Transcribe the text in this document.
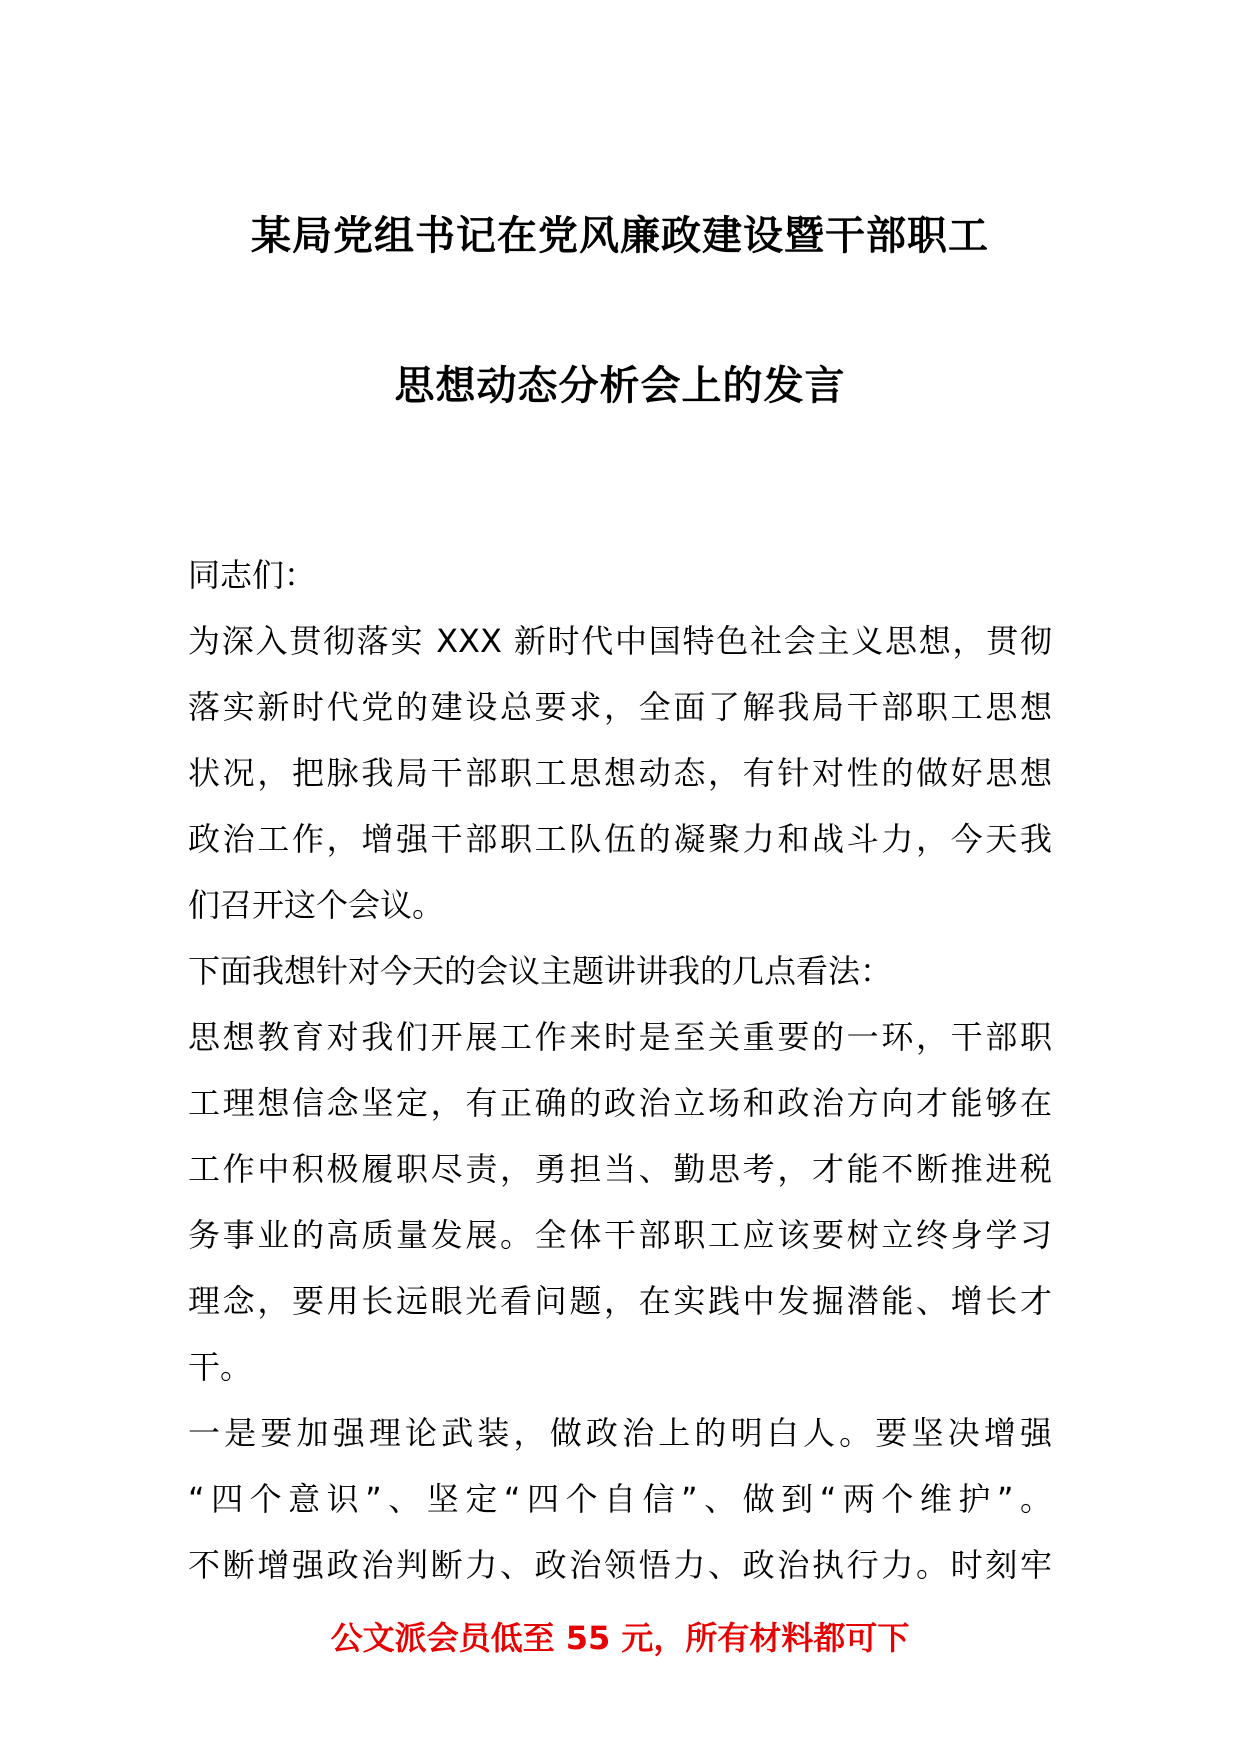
某局党组书记在党风廉政建设暨干部职工
思想动态分析会上的发言
同志们：
为深入贯彻落实 XXX 新时代中国特色社会主义思想，贯彻
落实新时代党的建设总要求，全面了解我局干部职工思想
状况，把脉我局干部职工思想动态，有针对性的做好思想
政治工作，增强干部职工队伍的凝聚力和战斗力，今天我
们召开这个会议。
下面我想针对今天的会议主题讲讲我的几点看法：
思想教育对我们开展工作来时是至关重要的一环，干部职
工理想信念坚定，有正确的政治立场和政治方向才能够在
工作中积极履职尽责，勇担当、勤思考，才能不断推进税
务事业的高质量发展。全体干部职工应该要树立终身学习
理念，要用长远眼光看问题，在实践中发掘潜能、增长才
干。
一是要加强理论武装，做政治上的明白人。要坚决增强
“四个意识”、坚定“四个自信”、做到“两个维护”。
不断增强政治判断力、政治领悟力、政治执行力。时刻牢
公文派会员低至 55 元，所有材料都可下
